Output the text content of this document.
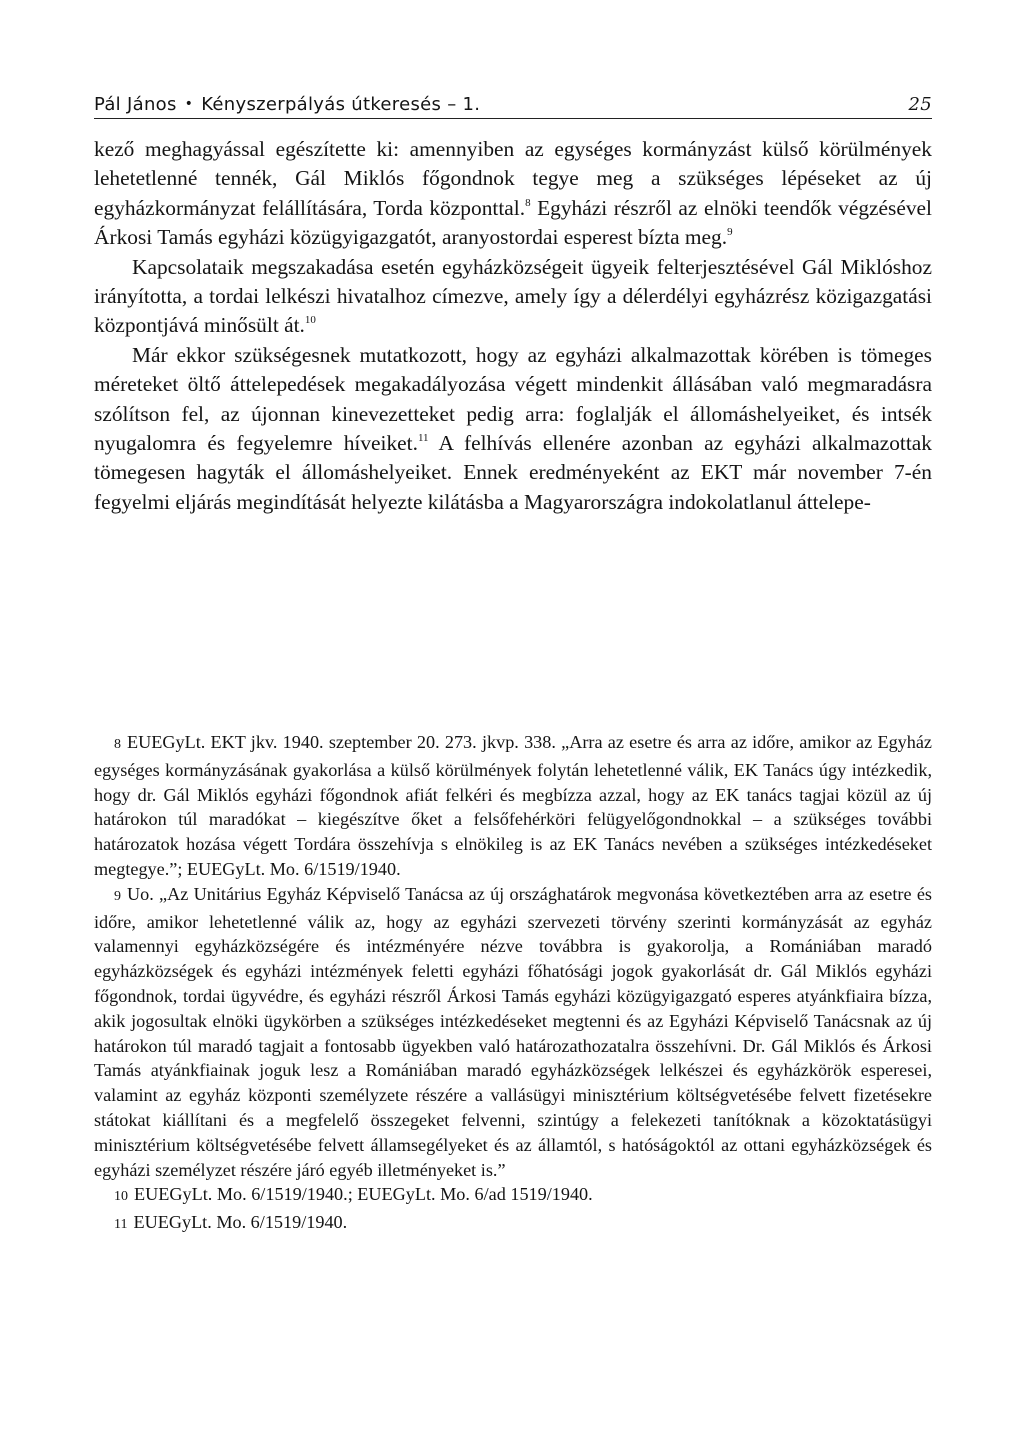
Pál János • Kényszerpályás útkeresés – 1.	25

kező meghagyással egészítette ki: amennyiben az egységes kormányzást külső körülmények lehetetlenné tennék, Gál Miklós főgondnok tegye meg a szükséges lépéseket az új egyházkormányzat felállítására, Torda központtal.$^8$ Egyházi részről az elnöki teendők végzésével Árkosi Tamás egyházi közügyigazgatót, aranyostordai esperest bízta meg.$^9$

Kapcsolataik megszakadása esetén egyházközségeit ügyeik felterjesztésével Gál Miklóshoz irányította, a tordai lelkészi hivatalhoz címezve, amely így a délerdélyi egyházrész közigazgatási központjává minősült át.$^{10}$

Már ekkor szükségesnek mutatkozott, hogy az egyházi alkalmazottak körében is tömeges méreteket öltő áttelepedések megakadályozása végett mindenkit állásában való megmaradásra szólítson fel, az újonnan kinevezetteket pedig arra: foglalják el állomáshelyeiket, és intsék nyugalomra és fegyelemre híveiket.$^{11}$ A felhívás ellenére azonban az egyházi alkalmazottak tömegesen hagyták el állomáshelyeiket. Ennek eredményeként az EKT már november 7-én fegyelmi eljárás megindítását helyezte kilátásba a Magyarországra indokolatlanul áttelepe-

8 EUEGyLt. EKT jkv. 1940. szeptember 20. 273. jkvp. 338. „Arra az esetre és arra az időre, amikor az Egyház egységes kormányzásának gyakorlása a külső körülmények folytán lehetetlenné válik, EK Tanács úgy intézkedik, hogy dr. Gál Miklós egyházi főgondnok afiát felkéri és megbízza azzal, hogy az EK tanács tagjai közül az új határokon túl maradókat – kiegészítve őket a felsőfehérköri felügyelőgondnokkal – a szükséges további határozatok hozása végett Tordára összehívja s elnökileg is az EK Tanács nevében a szükséges intézkedéseket megtegye.”; EUEGyLt. Mo. 6/1519/1940.

9 Uo. „Az Unitárius Egyház Képviselő Tanácsa az új országhatárok megvonása következtében arra az esetre és időre, amikor lehetetlenné válik az, hogy az egyházi szervezeti törvény szerinti kormányzását az egyház valamennyi egyházközségére és intézményére nézve továbbra is gyakorolja, a Romániában maradó egyházközségek és egyházi intézmények feletti egyházi főhatósági jogok gyakorlását dr. Gál Miklós egyházi főgondnok, tordai ügyvédre, és egyházi részről Árkosi Tamás egyházi közügyigazgató esperes atyánkfiaira bízza, akik jogosultak elnöki ügykörben a szükséges intézkedéseket megtenni és az Egyházi Képviselő Tanácsnak az új határokon túl maradó tagjait a fontosabb ügyekben való határozathozatalra összehívni. Dr. Gál Miklós és Árkosi Tamás atyánkfiainak joguk lesz a Romániában maradó egyházközségek lelkészei és egyházkörök esperesei, valamint az egyház központi személyzete részére a vallásügyi minisztérium költségvetésébe felvett fizetésekre státokat kiállítani és a megfelelő összegeket felvenni, szintúgy a felekezeti tanítóknak a közoktatásügyi minisztérium költségvetésébe felvett államsegélyeket és az államtól, s hatóságoktól az ottani egyházközségek és egyházi személyzet részére járó egyéb illetményeket is.”

10 EUEGyLt. Mo. 6/1519/1940.; EUEGyLt. Mo. 6/ad 1519/1940.

11 EUEGyLt. Mo. 6/1519/1940.
